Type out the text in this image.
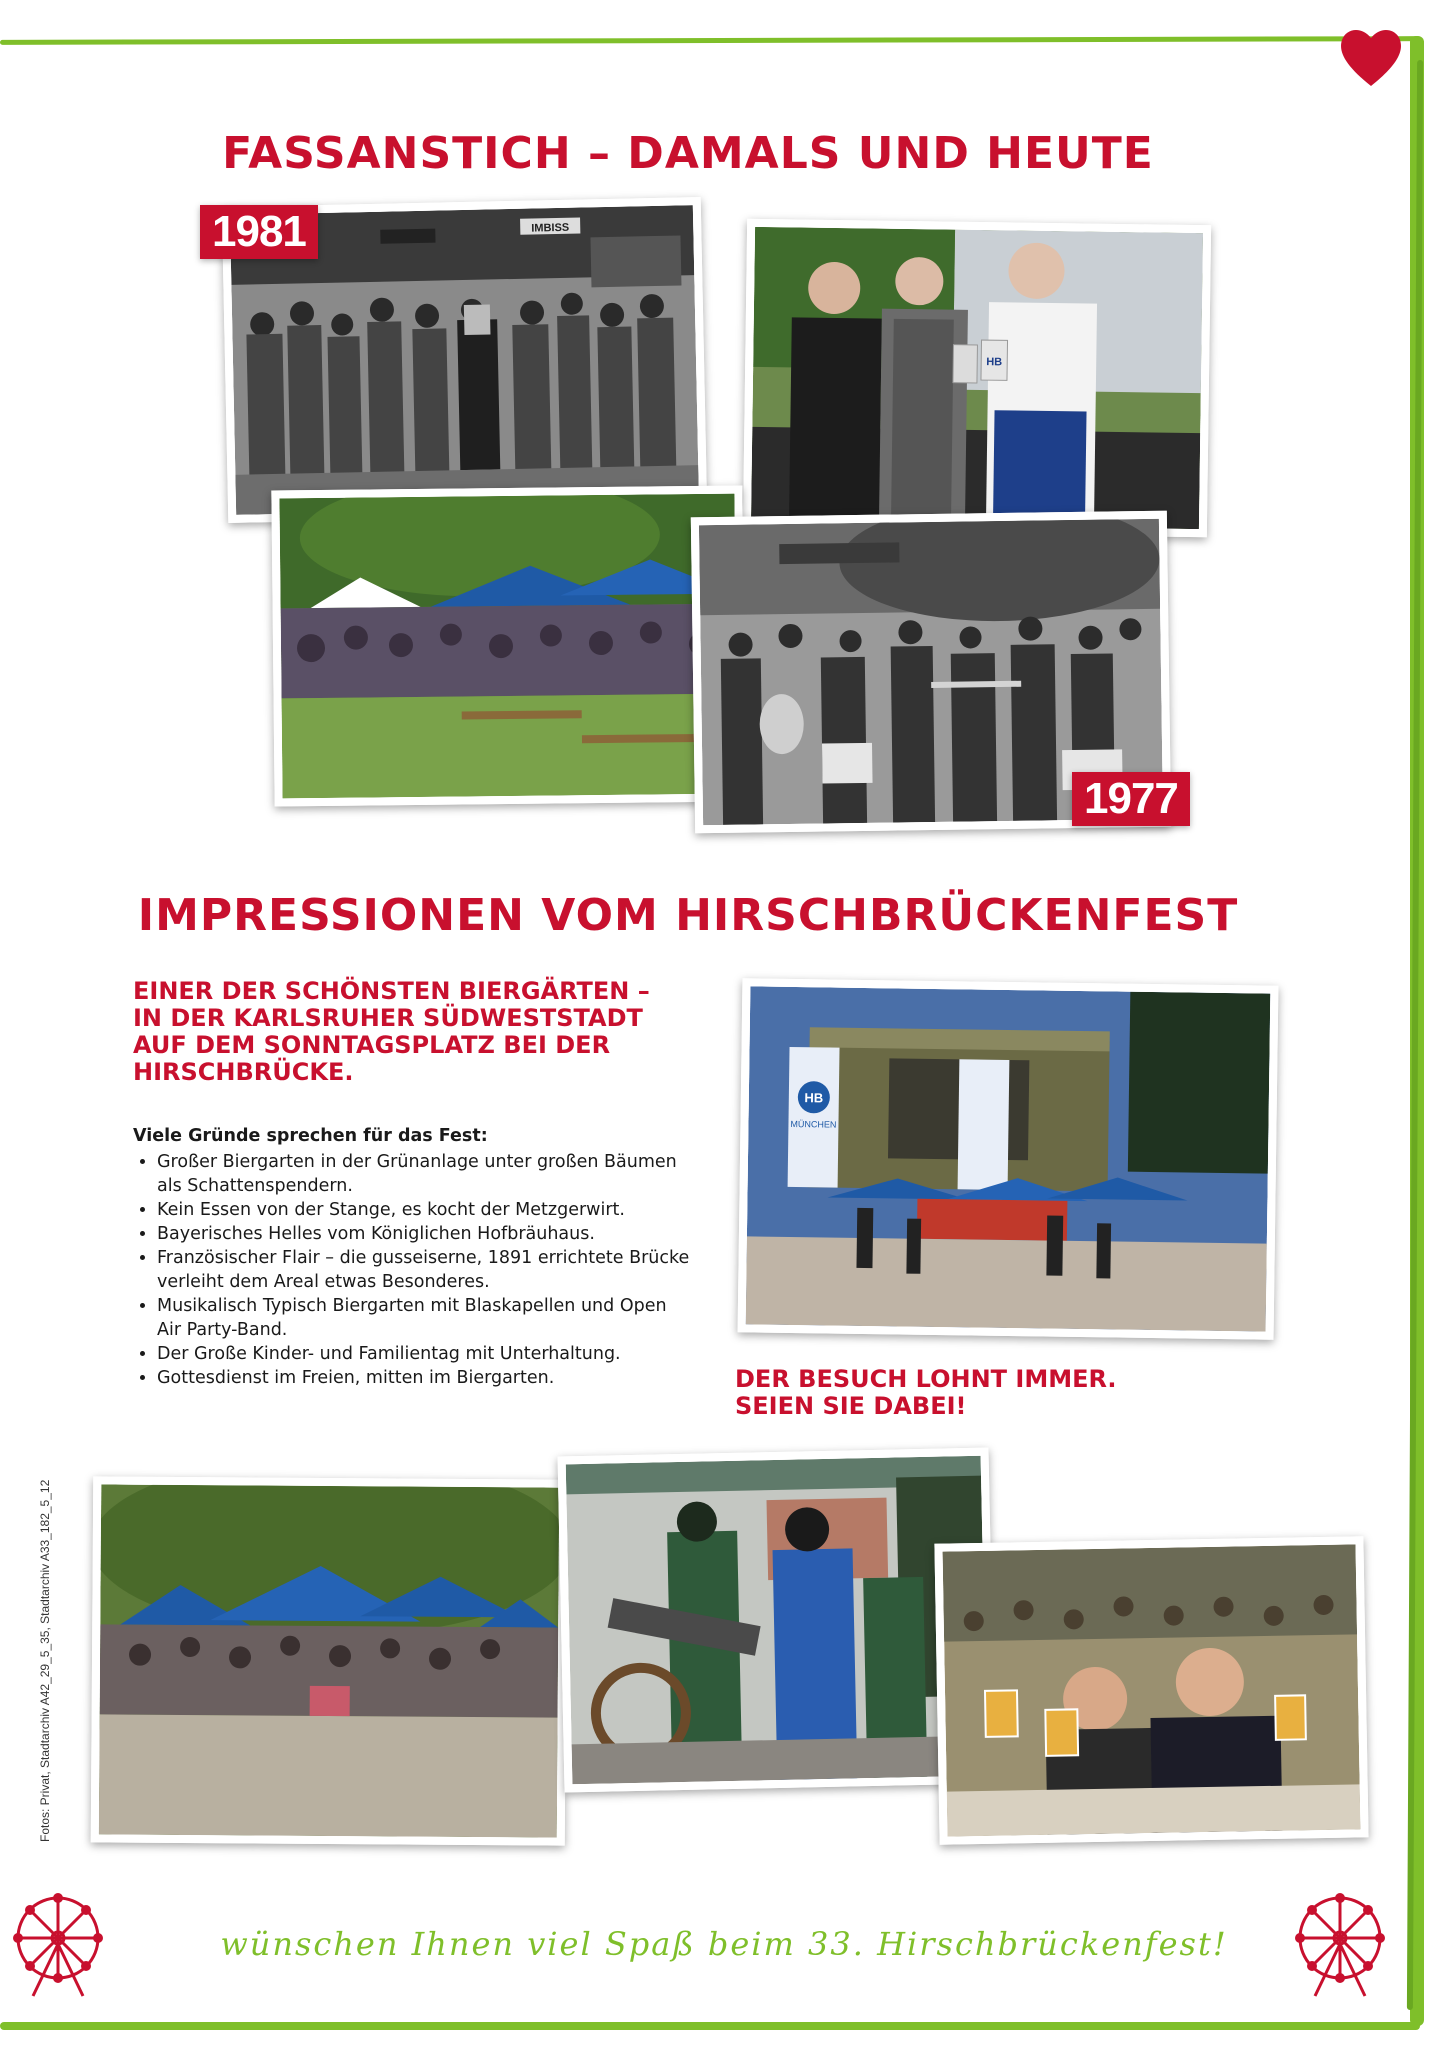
FASSANSTICH – DAMALS UND HEUTE
IMBISS
HB
1981
1977
IMPRESSIONEN VOM HIRSCHBRÜCKENFEST
EINER DER SCHÖNSTEN BIERGÄRTEN –
IN DER KARLSRUHER SÜDWESTSTADT
AUF DEM SONNTAGSPLATZ BEI DER
HIRSCHBRÜCKE.
Viele Gründe sprechen für das Fest:
• Großer Biergarten in der Grünanlage unter großen Bäumen als Schattenspendern.
• Kein Essen von der Stange, es kocht der Metzgerwirt.
• Bayerisches Helles vom Königlichen Hofbräuhaus.
• Französischer Flair – die gusseiserne, 1891 errichtete Brücke verleiht dem Areal etwas Besonderes.
• Musikalisch Typisch Biergarten mit Blaskapellen und Open Air Party-Band.
• Der Große Kinder- und Familientag mit Unterhaltung.
• Gottesdienst im Freien, mitten im Biergarten.
HB
MÜNCHEN
DER BESUCH LOHNT IMMER.
SEIEN SIE DABEI!
Fotos: Privat, Stadtarchiv A42_29_5_35, Stadtarchiv A33_182_5_12
wünschen Ihnen viel Spaß beim 33. Hirschbrückenfest!
